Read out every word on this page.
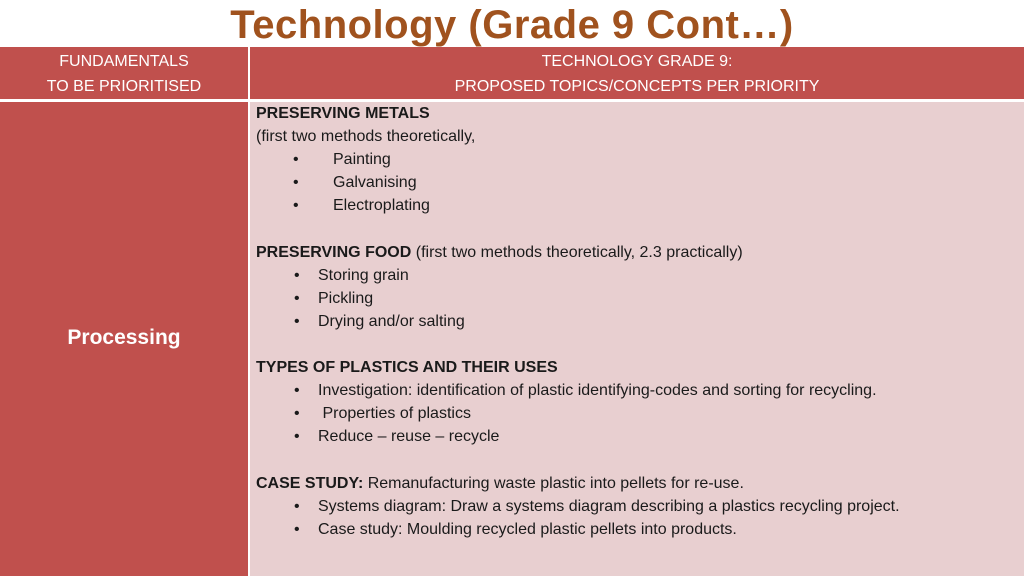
Technology (Grade 9 Cont…)
FUNDAMENTALS
TO BE PRIORITISED
TECHNOLOGY GRADE 9:
PROPOSED TOPICS/CONCEPTS PER PRIORITY
Processing
PRESERVING METALS
(first two methods theoretically,
• Painting
• Galvanising
• Electroplating
PRESERVING FOOD (first two methods theoretically, 2.3 practically)
• Storing grain
• Pickling
• Drying and/or salting
TYPES OF PLASTICS AND THEIR USES
• Investigation: identification of plastic identifying-codes and sorting for recycling.
• Properties of plastics
• Reduce – reuse – recycle
CASE STUDY: Remanufacturing waste plastic into pellets for re-use.
• Systems diagram: Draw a systems diagram describing a plastics recycling project.
• Case study: Moulding recycled plastic pellets into products.
